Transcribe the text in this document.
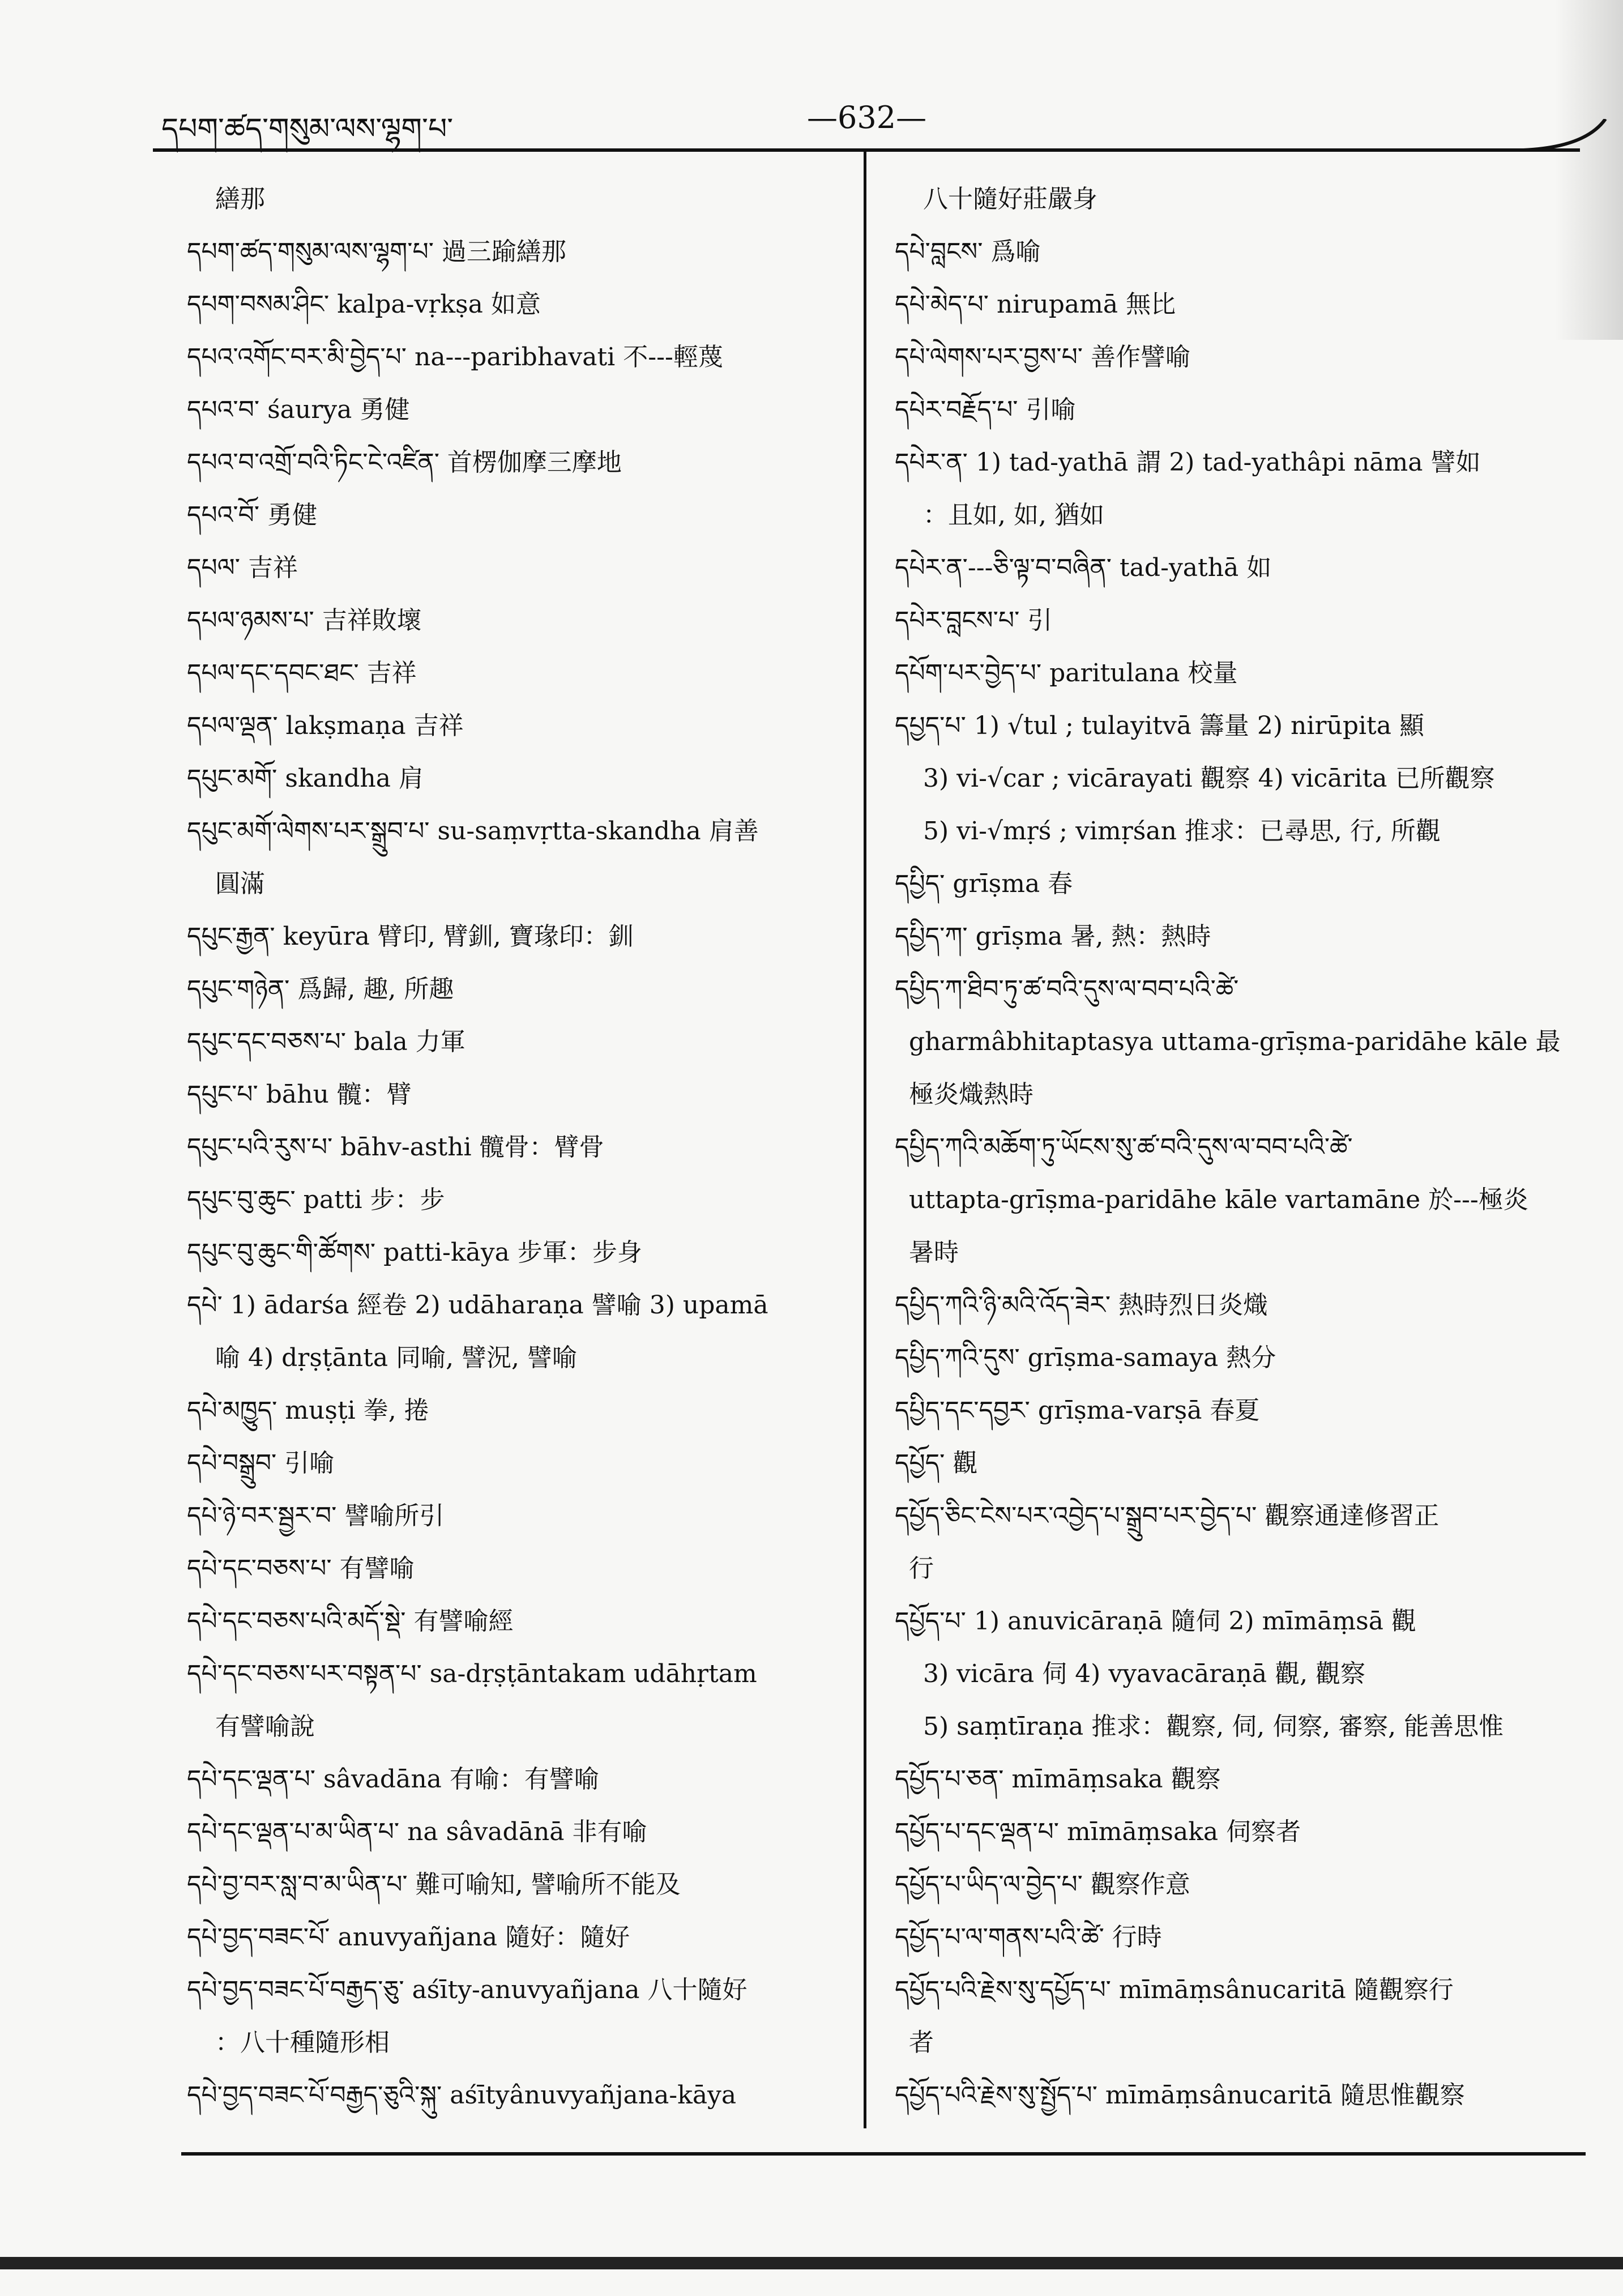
དཔག་ཚད་གསུམ་ལས་ལྷག་པ་	—632—
繕那
དཔག་ཚད་གསུམ་ལས་ལྷག་པ་ 過三踰繕那
དཔག་བསམ་ཤིང་ kalpa-vṛkṣa 如意
དཔའ་འགོང་བར་མི་བྱེད་པ་ na---paribhavati 不---輕蔑
དཔའ་བ་ śaurya 勇健
དཔའ་བ་འགྲོ་བའི་ཏིང་ངེ་འཛིན་ 首楞伽摩三摩地
དཔའ་བོ་ 勇健
དཔལ་ 吉祥
དཔལ་ཉམས་པ་ 吉祥敗壞
དཔལ་དང་དབང་ཐང་ 吉祥
དཔལ་ལྡན་ lakṣmaṇa 吉祥
དཔུང་མགོ་ skandha 肩
དཔུང་མགོ་ལེགས་པར་སྒྲུབ་པ་ su-saṃvṛtta-skandha 肩善
圓滿
དཔུང་རྒྱན་ keyūra 臂印, 臂釧, 寶瑑印：釧
དཔུང་གཉེན་ 爲歸, 趣, 所趣
དཔུང་དང་བཅས་པ་ bala 力軍
དཔུང་པ་ bāhu 髖：臂
དཔུང་པའི་རུས་པ་ bāhv-asthi 髖骨：臂骨
དཔུང་བུ་ཆུང་ patti 步：步
དཔུང་བུ་ཆུང་གི་ཚོགས་ patti-kāya 步軍：步身
དཔེ་ 1) ādarśa 經卷 2) udāharaṇa 譬喻 3) upamā
喻 4) dṛṣṭānta 同喻, 譬況, 譬喻
དཔེ་མཁྱུད་ muṣṭi 拳, 捲
དཔེ་བསྒྲུབ་ 引喻
དཔེ་ཉེ་བར་སྦྱར་བ་ 譬喻所引
དཔེ་དང་བཅས་པ་ 有譬喻
དཔེ་དང་བཅས་པའི་མདོ་སྡེ་ 有譬喻經
དཔེ་དང་བཅས་པར་བསྟན་པ་ sa-dṛṣṭāntakam udāhṛtam
有譬喻說
དཔེ་དང་ལྡན་པ་ sâvadāna 有喻：有譬喻
དཔེ་དང་ལྡན་པ་མ་ཡིན་པ་ na sâvadānā 非有喻
དཔེ་བྱ་བར་སླ་བ་མ་ཡིན་པ་ 難可喻知, 譬喻所不能及
དཔེ་བྱད་བཟང་པོ་ anuvyañjana 隨好：隨好
དཔེ་བྱད་བཟང་པོ་བརྒྱད་ཅུ་ aśīty-anuvyañjana 八十隨好
：八十種隨形相
དཔེ་བྱད་བཟང་པོ་བརྒྱད་ཅུའི་སྐུ་ aśītyânuvyañjana-kāya
八十隨好莊嚴身
དཔེ་བླངས་ 爲喻
དཔེ་མེད་པ་ nirupamā 無比
དཔེ་ལེགས་པར་བྱས་པ་ 善作譬喻
དཔེར་བརྗོད་པ་ 引喻
དཔེར་ན་ 1) tad-yathā 謂 2) tad-yathâpi nāma 譬如
：且如, 如, 猶如
དཔེར་ན་---ཅི་ལྟ་བ་བཞིན་ tad-yathā 如
དཔེར་བླངས་པ་ 引
དཔོག་པར་བྱེད་པ་ paritulana 校量
དཔྱད་པ་ 1) √tul ; tulayitvā 籌量 2) nirūpita 顯
3) vi-√car ; vicārayati 觀察 4) vicārita 已所觀察
5) vi-√mṛś ; vimṛśan 推求：已尋思, 行, 所觀
དཔྱིད་ grīṣma 春
དཔྱིད་ཀ་ grīṣma 暑, 熱：熱時
དཔྱིད་ཀ་ཐིབ་ཏུ་ཚ་བའི་དུས་ལ་བབ་པའི་ཚེ་
gharmâbhitaptasya uttama-grīṣma-paridāhe kāle 最
極炎熾熱時
དཔྱིད་ཀའི་མཆོག་ཏུ་ཡོངས་སུ་ཚ་བའི་དུས་ལ་བབ་པའི་ཚེ་
uttapta-grīṣma-paridāhe kāle vartamāne 於---極炎
暑時
དཔྱིད་ཀའི་ཉི་མའི་འོད་ཟེར་ 熱時烈日炎熾
དཔྱིད་ཀའི་དུས་ grīṣma-samaya 熱分
དཔྱིད་དང་དབྱར་ grīṣma-varṣā 春夏
དཔྱོད་ 觀
དཔྱོད་ཅིང་ངེས་པར་འབྱེད་པ་སྒྲུབ་པར་བྱེད་པ་ 觀察通達修習正
行
དཔྱོད་པ་ 1) anuvicāraṇā 隨伺 2) mīmāṃsā 觀
3) vicāra 伺 4) vyavacāraṇā 觀, 觀察
5) saṃtīraṇa 推求：觀察, 伺, 伺察, 審察, 能善思惟
དཔྱོད་པ་ཅན་ mīmāṃsaka 觀察
དཔྱོད་པ་དང་ལྡན་པ་ mīmāṃsaka 伺察者
དཔྱོད་པ་ཡིད་ལ་བྱེད་པ་ 觀察作意
དཔྱོད་པ་ལ་གནས་པའི་ཚེ་ 行時
དཔྱོད་པའི་རྗེས་སུ་དཔྱོད་པ་ mīmāṃsânucaritā 隨觀察行
者
དཔྱོད་པའི་རྗེས་སུ་སྤྱོད་པ་ mīmāṃsânucaritā 隨思惟觀察
